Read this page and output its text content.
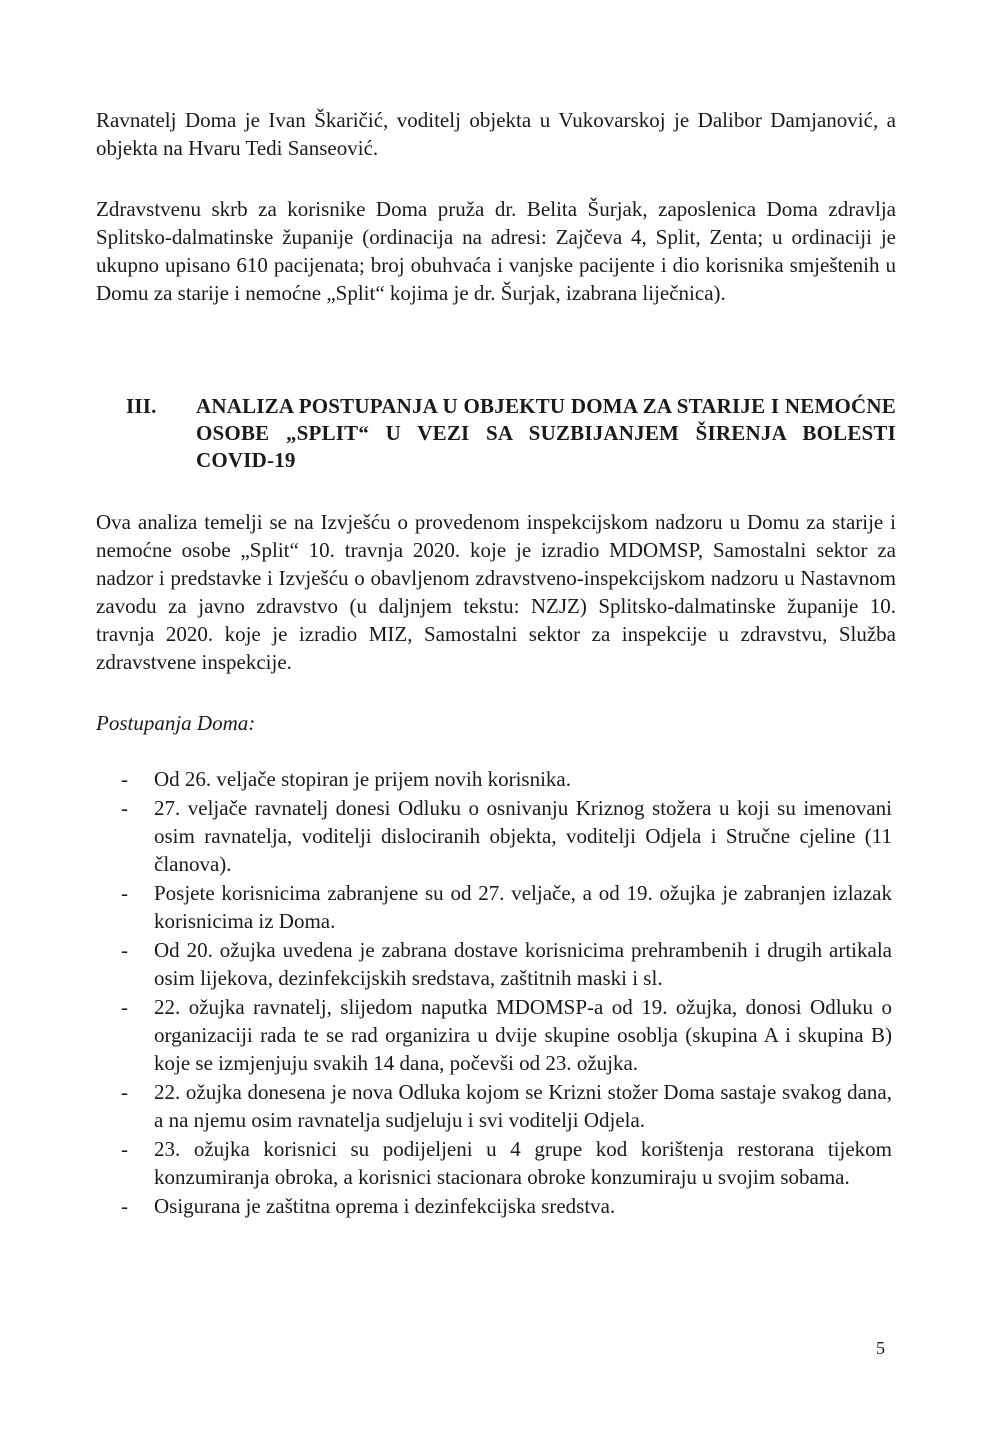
Ravnatelj Doma je Ivan Škaričić, voditelj objekta u Vukovarskoj je Dalibor Damjanović, a objekta na Hvaru Tedi Sanseović.

Zdravstvenu skrb za korisnike Doma pruža dr. Belita Šurjak, zaposlenica Doma zdravlja Splitsko-dalmatinske županije (ordinacija na adresi: Zajčeva 4, Split, Zenta; u ordinaciji je ukupno upisano 610 pacijenata; broj obuhvaća i vanjske pacijente i dio korisnika smještenih u Domu za starije i nemoćne „Split“ kojima je dr. Šurjak, izabrana liječnica).

III. ANALIZA POSTUPANJA U OBJEKTU DOMA ZA STARIJE I NEMOĆNE OSOBE „SPLIT“ U VEZI SA SUZBIJANJEM ŠIRENJA BOLESTI COVID-19

Ova analiza temelji se na Izvješću o provedenom inspekcijskom nadzoru u Domu za starije i nemoćne osobe „Split“ 10. travnja 2020. koje je izradio MDOMSP, Samostalni sektor za nadzor i predstavke i Izvješću o obavljenom zdravstveno-inspekcijskom nadzoru u Nastavnom zavodu za javno zdravstvo (u daljnjem tekstu: NZJZ) Splitsko-dalmatinske županije 10. travnja 2020. koje je izradio MIZ, Samostalni sektor za inspekcije u zdravstvu, Služba zdravstvene inspekcije.

Postupanja Doma:
- Od 26. veljače stopiran je prijem novih korisnika.
- 27. veljače ravnatelj donesi Odluku o osnivanju Kriznog stožera u koji su imenovani osim ravnatelja, voditelji dislociranih objekta, voditelji Odjela i Stručne cjeline (11 članova).
- Posjete korisnicima zabranjene su od 27. veljače, a od 19. ožujka je zabranjen izlazak korisnicima iz Doma.
- Od 20. ožujka uvedena je zabrana dostave korisnicima prehrambenih i drugih artikala osim lijekova, dezinfekcijskih sredstava, zaštitnih maski i sl.
- 22. ožujka ravnatelj, slijedom naputka MDOMSP-a od 19. ožujka, donosi Odluku o organizaciji rada te se rad organizira u dvije skupine osoblja (skupina A i skupina B) koje se izmjenjuju svakih 14 dana, počevši od 23. ožujka.
- 22. ožujka donesena je nova Odluka kojom se Krizni stožer Doma sastaje svakog dana, a na njemu osim ravnatelja sudjeluju i svi voditelji Odjela.
- 23. ožujka korisnici su podijeljeni u 4 grupe kod korištenja restorana tijekom konzumiranja obroka, a korisnici stacionara obroke konzumiraju u svojim sobama.
- Osigurana je zaštitna oprema i dezinfekcijska sredstva.
5
